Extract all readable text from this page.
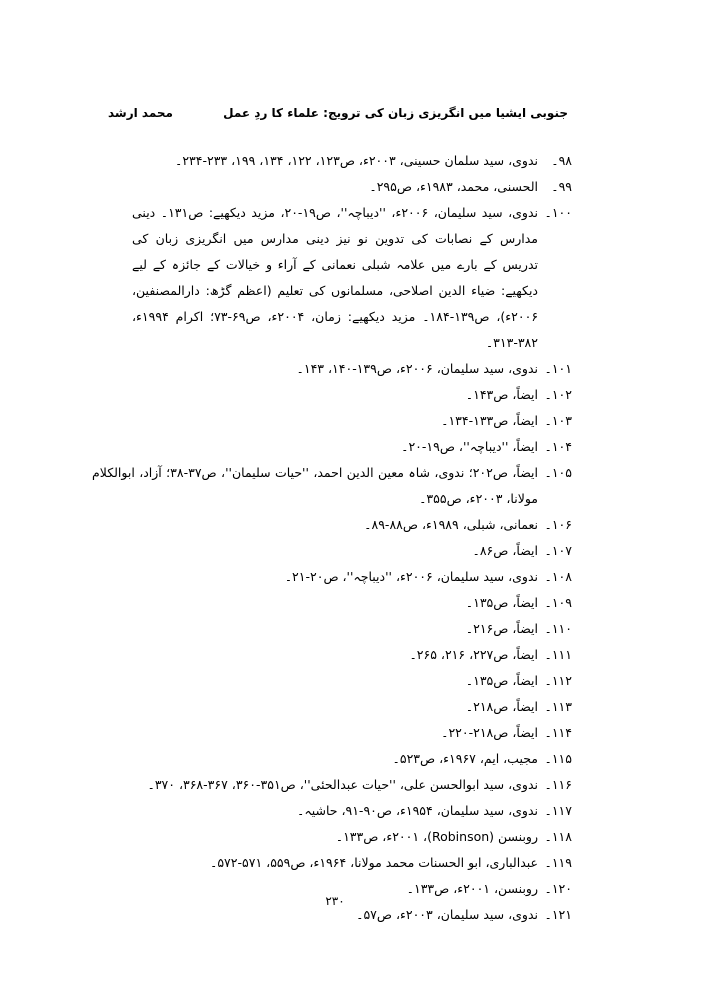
جنوبی ایشیا میں انگریزی زبان کی ترویج: علماء کا ردِ عمل
محمد ارشد
۹۸۔
ندوی، سید سلمان حسینی، ۲۰۰۳ء، ص۱۲۳، ۱۲۲، ۱۳۴، ۱۹۹، ۲۳۳-۲۳۴۔
۹۹۔
الحسنی، محمد، ۱۹۸۳ء، ص۲۹۵۔
۱۰۰۔
ندوی، سید سلیمان، ۲۰۰۶ء، ''دیباچہ''، ص۱۹-۲۰، مزید دیکھیے: ص۱۳۱۔ دینی مدارس کے نصابات کی تدوین نو نیز دینی مدارس میں انگریزی زبان کی تدریس کے بارے میں علامہ شبلی نعمانی کے آراء و خیالات کے جائزہ کے لیے دیکھیے: ضیاء الدین اصلاحی، مسلمانوں کی تعلیم (اعظم گڑھ: دارالمصنفین، ۲۰۰۶ء)، ص۱۳۹-۱۸۴۔ مزید دیکھیے: زمان، ۲۰۰۴ء، ص۶۹-۷۳؛ اکرام ۱۹۹۴ء، ۳۸۲-۳۱۳۔
۱۰۱۔
ندوی، سید سلیمان، ۲۰۰۶ء، ص۱۳۹-۱۴۰، ۱۴۳۔
۱۰۲۔
ایضاً، ص۱۴۳۔
۱۰۳۔
ایضاً، ص۱۳۳-۱۳۴۔
۱۰۴۔
ایضاً، ''دیباچہ''، ص۱۹-۲۰۔
۱۰۵۔
ایضاً، ص۲۰۲؛ ندوی، شاہ معین الدین احمد، ''حیات سلیمان''، ص۳۷-۳۸؛ آزاد، ابوالکلام مولانا، ۲۰۰۳ء، ص۳۵۵۔
۱۰۶۔
نعمانی، شبلی، ۱۹۸۹ء، ص۸۸-۸۹۔
۱۰۷۔
ایضاً، ص۸۶۔
۱۰۸۔
ندوی، سید سلیمان، ۲۰۰۶ء، ''دیباچہ''، ص۲۰-۲۱۔
۱۰۹۔
ایضاً، ص۱۳۵۔
۱۱۰۔
ایضاً، ص۲۱۶۔
۱۱۱۔
ایضاً، ص۲۲۷، ۲۱۶، ۲۶۵۔
۱۱۲۔
ایضاً، ص۱۳۵۔
۱۱۳۔
ایضاً، ص۲۱۸۔
۱۱۴۔
ایضاً، ص۲۱۸-۲۲۰۔
۱۱۵۔
مجیب، ایم، ۱۹۶۷ء، ص۵۲۳۔
۱۱۶۔
ندوی، سید ابوالحسن علی، ''حیات عبدالحئی''، ص۳۵۱-۳۶۰، ۳۶۷-۳۶۸، ۳۷۰۔
۱۱۷۔
ندوی، سید سلیمان، ۱۹۵۴ء، ص۹۰-۹۱، حاشیہ۔
۱۱۸۔
روبنسن (Robinson)، ۲۰۰۱ء، ص۱۳۳۔
۱۱۹۔
عبدالباری، ابو الحسنات محمد مولانا، ۱۹۶۴ء، ص۵۵۹، ۵۷۱-۵۷۲۔
۱۲۰۔
روبنسن، ۲۰۰۱ء، ص۱۳۳۔
۱۲۱۔
ندوی، سید سلیمان، ۲۰۰۳ء، ص۵۷۔
۲۳۰
